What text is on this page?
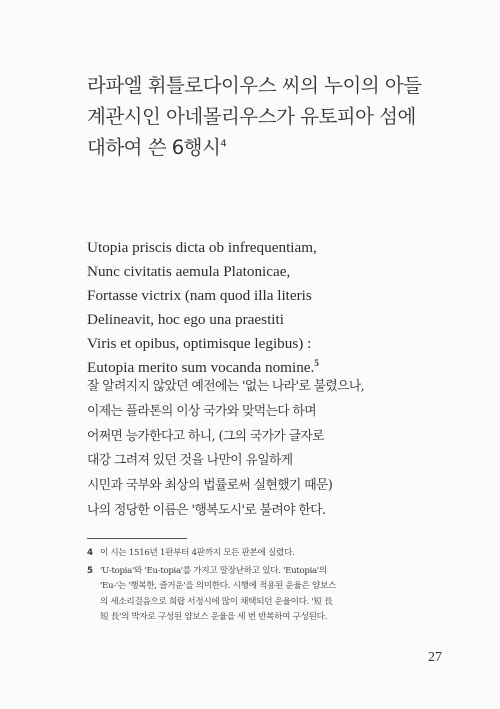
라파엘 휘틀로다이우스 씨의 누이의 아들
계관시인 아네몰리우스가 유토피아 섬에
대하여 쓴 6행시$^4$
Utopia priscis dicta ob infrequentiam,
Nunc civitatis aemula Platonicae,
Fortasse victrix (nam quod illa literis
Delineavit, hoc ego una praestiti
Viris et opibus, optimisque legibus) :
Eutopia merito sum vocanda nomine.$^5$
잘 알려지지 않았던 예전에는 '없는 나라'로 불렸으나,
이제는 플라톤의 이상 국가와 맞먹는다 하며
어쩌면 능가한다고 하니, (그의 국가가 글자로
대강 그려져 있던 것을 나만이 유일하게
시민과 국부와 최상의 법률로써 실현했기 때문)
나의 정당한 이름은 '행복도시'로 불려야 한다.
4 이 시는 1516년 1판부터 4판까지 모든 판본에 실렸다.
5 'U-topia'와 'Eu-topia'를 가지고 말장난하고 있다. 'Eutopia'의
'Eu-'는 '행복한, 즐거운'을 의미한다. 시행에 적용된 운율은 얌보스
의 세소리걸음으로 희랍 서정시에 많이 채택되던 운율이다. '短 長
短 長'의 박자로 구성된 얌보스 운율을 세 번 반복하여 구성된다.
27
